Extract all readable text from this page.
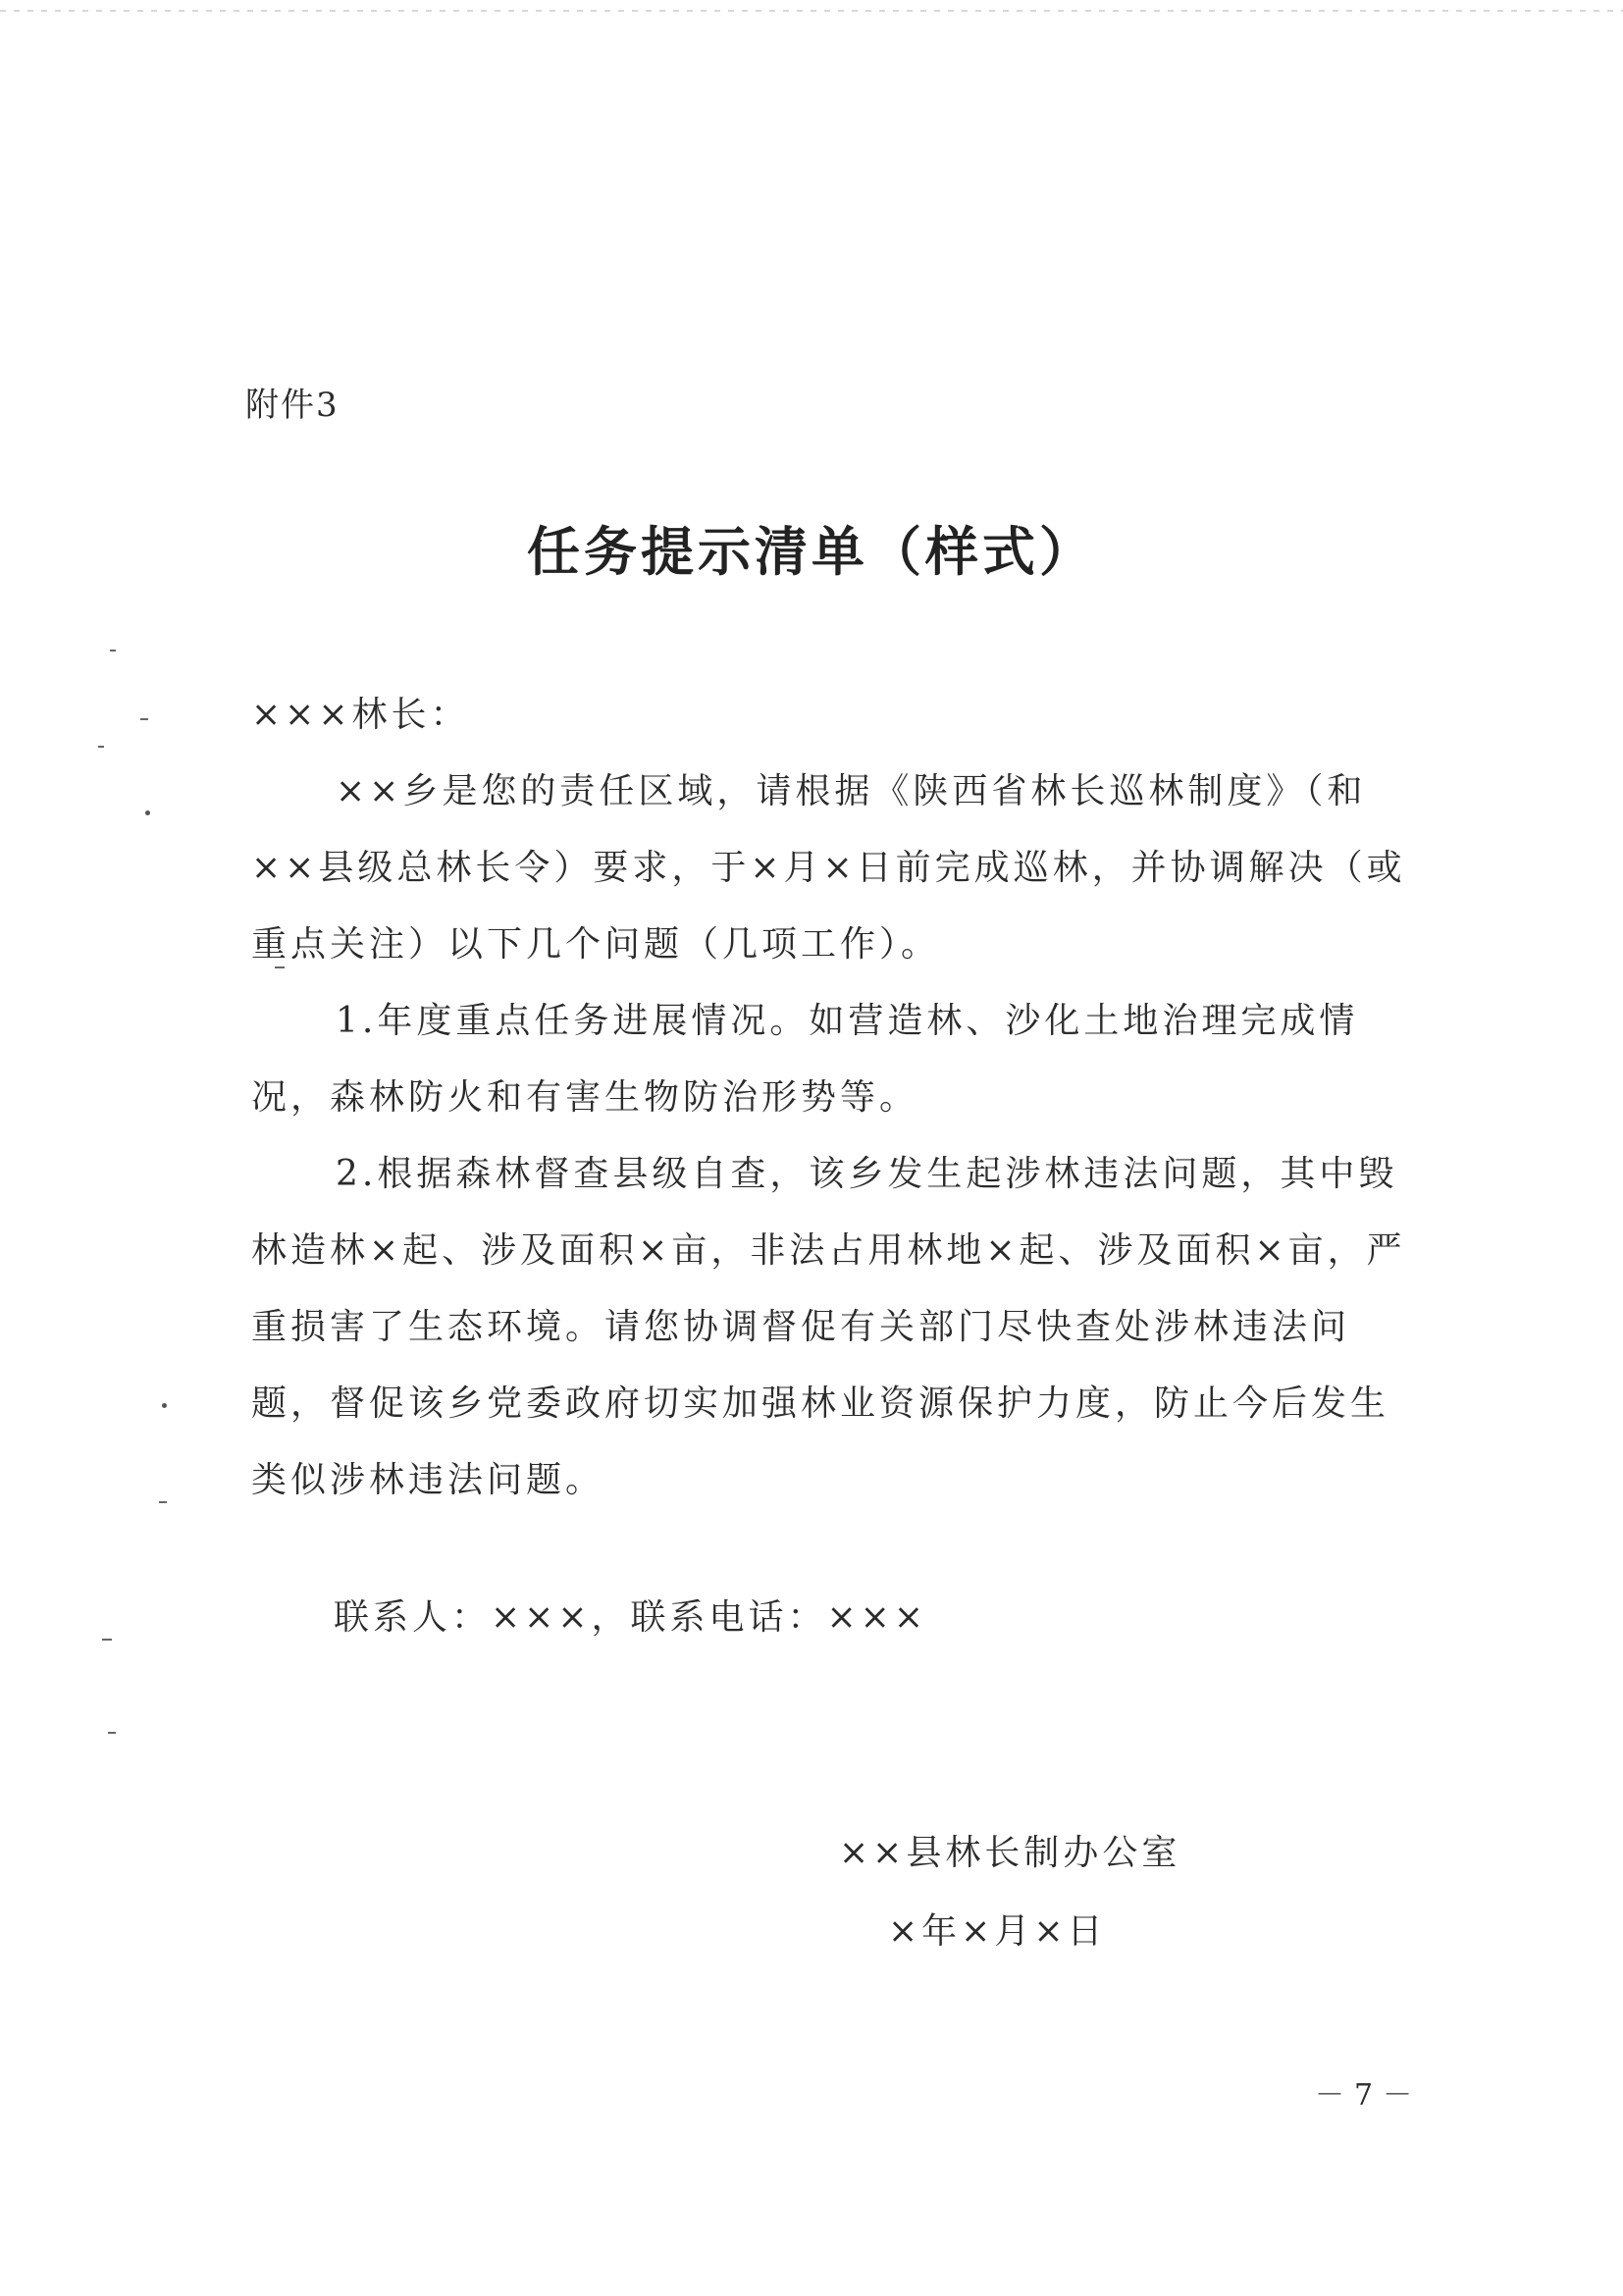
附件3
任务提示清单（样式）
×××林长：
××乡是您的责任区域，请根据《陕西省林长巡林制度》（和××县级总林长令）要求，于×月×日前完成巡林，并协调解决（或重点关注）以下几个问题（几项工作）。
1.年度重点任务进展情况。如营造林、沙化土地治理完成情况，森林防火和有害生物防治形势等。
2.根据森林督查县级自查，该乡发生起涉林违法问题，其中毁林造林×起、涉及面积×亩，非法占用林地×起、涉及面积×亩，严重损害了生态环境。请您协调督促有关部门尽快查处涉林违法问题，督促该乡党委政府切实加强林业资源保护力度，防止今后发生类似涉林违法问题。
联系人：×××，联系电话：×××
××县林长制办公室
×年×月×日
－7－
